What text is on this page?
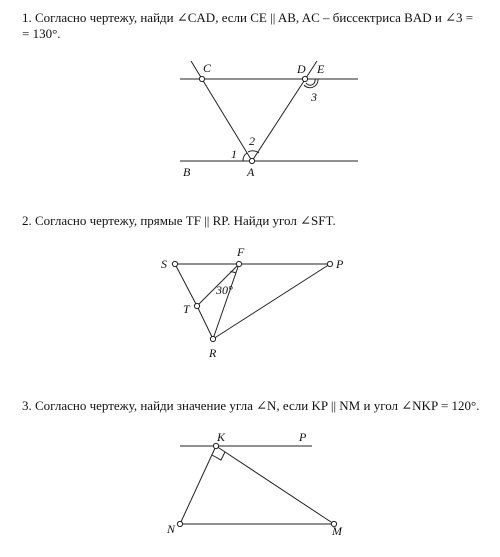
1. Согласно чертежу, найди ∠CAD, если CE || AB, AC – биссектриса BAD и ∠3 =
= 130°.
C	D E
B	A
1
2
3
2. Согласно чертежу, прямые TF || RP. Найди угол ∠SFT.
S
F
P
T
R
30°
3. Согласно чертежу, найди значение угла ∠N, если KP || NM и угол ∠NKP = 120°.
K	P
N	M
